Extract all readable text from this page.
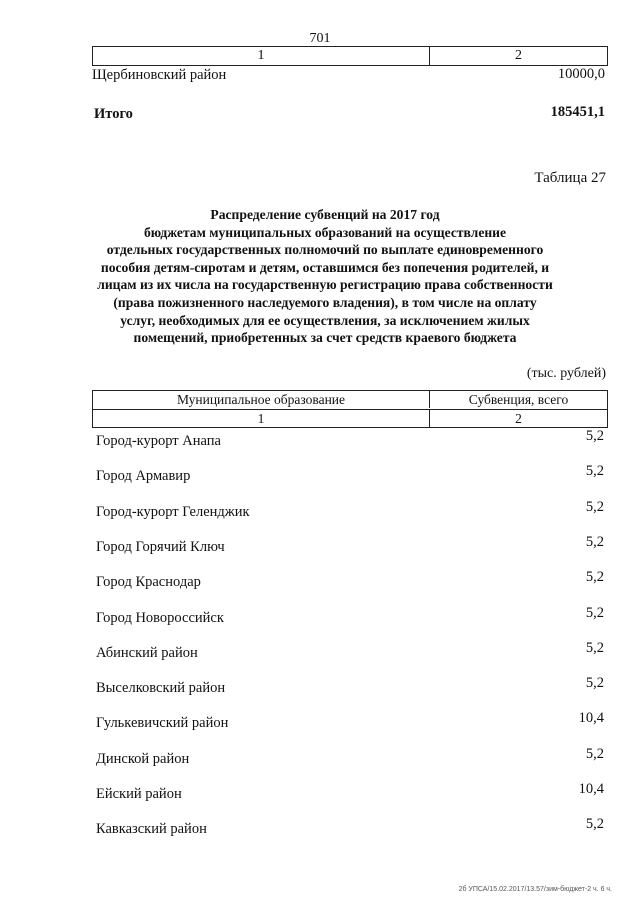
701
1	2
Щербиновский район	10000,0
Итого	185451,1
Таблица 27
Распределение субвенций на 2017 год
бюджетам муниципальных образований на осуществление
отдельных государственных полномочий по выплате единовременного
пособия детям-сиротам и детям, оставшимся без попечения родителей, и
лицам из их числа на государственную регистрацию права собственности
(права пожизненного наследуемого владения), в том числе на оплату
услуг, необходимых для ее осуществления, за исключением жилых
помещений, приобретенных за счет средств краевого бюджета
(тыс. рублей)
Муниципальное образование	Субвенция, всего
1	2
Город-курорт Анапа	5,2
Город Армавир	5,2
Город-курорт Геленджик	5,2
Город Горячий Ключ	5,2
Город Краснодар	5,2
Город Новороссийск	5,2
Абинский район	5,2
Выселковский район	5,2
Гулькевичский район	10,4
Динской район	5,2
Ейский район	10,4
Кавказский район	5,2
2б УПСА/15.02.2017/13.57/зим-бюджет-2 ч. 6 ч.
